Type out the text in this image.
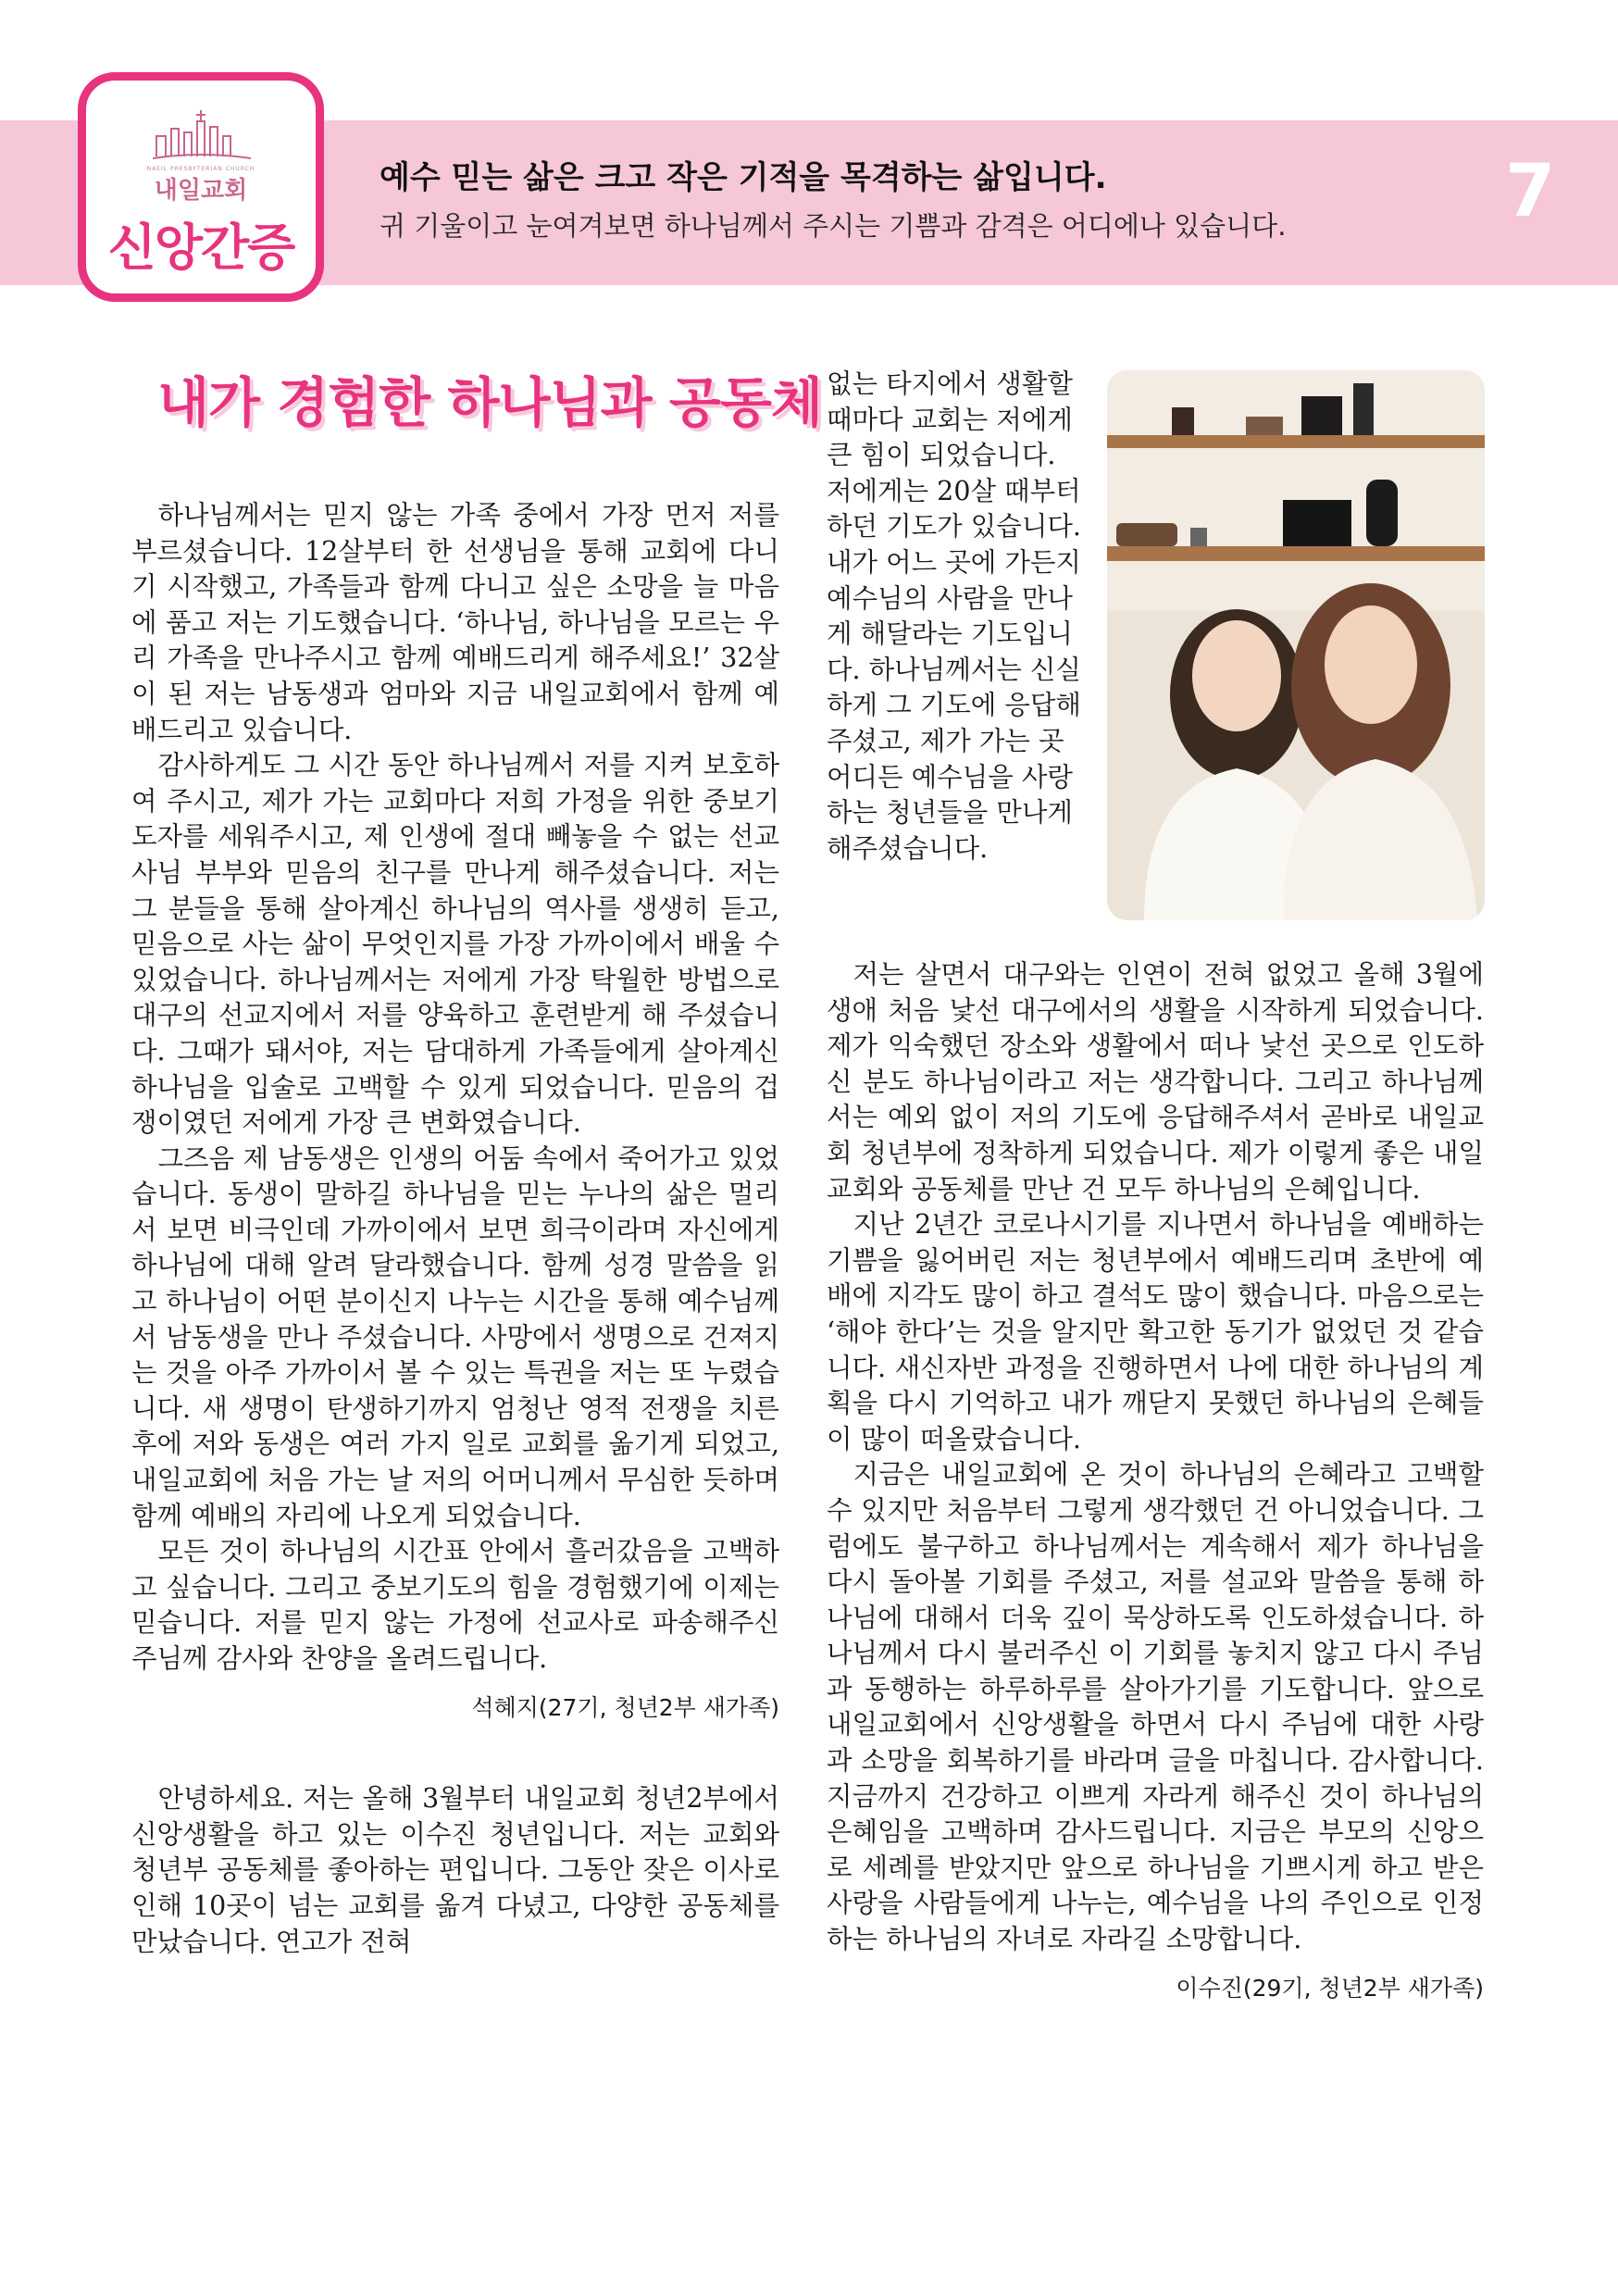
NAEIL PRESBYTERIAN CHURCH
내일교회
신앙간증
예수 믿는 삶은 크고 작은 기적을 목격하는 삶입니다.
귀 기울이고 눈여겨보면 하나님께서 주시는 기쁨과 감격은 어디에나 있습니다.	7
내가 경험한 하나님과 공동체

하나님께서는 믿지 않는 가족 중에서 가장 먼저 저를 부르셨습니다. 12살부터 한 선생님을 통해 교회에 다니기 시작했고, 가족들과 함께 다니고 싶은 소망을 늘 마음에 품고 저는 기도했습니다. ‘하나님, 하나님을 모르는 우리 가족을 만나주시고 함께 예배드리게 해주세요!’ 32살이 된 저는 남동생과 엄마와 지금 내일교회에서 함께 예배드리고 있습니다.

감사하게도 그 시간 동안 하나님께서 저를 지켜 보호하여 주시고, 제가 가는 교회마다 저희 가정을 위한 중보기도자를 세워주시고, 제 인생에 절대 빼놓을 수 없는 선교사님 부부와 믿음의 친구를 만나게 해주셨습니다. 저는 그 분들을 통해 살아계신 하나님의 역사를 생생히 듣고, 믿음으로 사는 삶이 무엇인지를 가장 가까이에서 배울 수 있었습니다. 하나님께서는 저에게 가장 탁월한 방법으로 대구의 선교지에서 저를 양육하고 훈련받게 해 주셨습니다. 그때가 돼서야, 저는 담대하게 가족들에게 살아계신 하나님을 입술로 고백할 수 있게 되었습니다. 믿음의 겁쟁이였던 저에게 가장 큰 변화였습니다.

그즈음 제 남동생은 인생의 어둠 속에서 죽어가고 있었습니다. 동생이 말하길 하나님을 믿는 누나의 삶은 멀리서 보면 비극인데 가까이에서 보면 희극이라며 자신에게 하나님에 대해 알려 달라했습니다. 함께 성경 말씀을 읽고 하나님이 어떤 분이신지 나누는 시간을 통해 예수님께서 남동생을 만나 주셨습니다. 사망에서 생명으로 건져지는 것을 아주 가까이서 볼 수 있는 특권을 저는 또 누렸습니다. 새 생명이 탄생하기까지 엄청난 영적 전쟁을 치른 후에 저와 동생은 여러 가지 일로 교회를 옮기게 되었고, 내일교회에 처음 가는 날 저의 어머니께서 무심한 듯하며 함께 예배의 자리에 나오게 되었습니다.

모든 것이 하나님의 시간표 안에서 흘러갔음을 고백하고 싶습니다. 그리고 중보기도의 힘을 경험했기에 이제는 믿습니다. 저를 믿지 않는 가정에 선교사로 파송해주신 주님께 감사와 찬양을 올려드립니다.

석혜지(27기, 청년2부 새가족)

안녕하세요. 저는 올해 3월부터 내일교회 청년2부에서 신앙생활을 하고 있는 이수진 청년입니다. 저는 교회와 청년부 공동체를 좋아하는 편입니다. 그동안 잦은 이사로 인해 10곳이 넘는 교회를 옮겨 다녔고, 다양한 공동체를 만났습니다. 연고가 전혀

없는 타지에서 생활할 때마다 교회는 저에게 큰 힘이 되었습니다. 저에게는 20살 때부터 하던 기도가 있습니다. 내가 어느 곳에 가든지 예수님의 사람을 만나게 해달라는 기도입니다. 하나님께서는 신실하게 그 기도에 응답해주셨고, 제가 가는 곳 어디든 예수님을 사랑하는 청년들을 만나게 해주셨습니다.

저는 살면서 대구와는 인연이 전혀 없었고 올해 3월에 생애 처음 낯선 대구에서의 생활을 시작하게 되었습니다. 제가 익숙했던 장소와 생활에서 떠나 낯선 곳으로 인도하신 분도 하나님이라고 저는 생각합니다. 그리고 하나님께서는 예외 없이 저의 기도에 응답해주셔서 곧바로 내일교회 청년부에 정착하게 되었습니다. 제가 이렇게 좋은 내일교회와 공동체를 만난 건 모두 하나님의 은혜입니다.

지난 2년간 코로나시기를 지나면서 하나님을 예배하는 기쁨을 잃어버린 저는 청년부에서 예배드리며 초반에 예배에 지각도 많이 하고 결석도 많이 했습니다. 마음으로는 ‘해야 한다’는 것을 알지만 확고한 동기가 없었던 것 같습니다. 새신자반 과정을 진행하면서 나에 대한 하나님의 계획을 다시 기억하고 내가 깨닫지 못했던 하나님의 은혜들이 많이 떠올랐습니다.

지금은 내일교회에 온 것이 하나님의 은혜라고 고백할 수 있지만 처음부터 그렇게 생각했던 건 아니었습니다. 그럼에도 불구하고 하나님께서는 계속해서 제가 하나님을 다시 돌아볼 기회를 주셨고, 저를 설교와 말씀을 통해 하나님에 대해서 더욱 깊이 묵상하도록 인도하셨습니다. 하나님께서 다시 불러주신 이 기회를 놓치지 않고 다시 주님과 동행하는 하루하루를 살아가기를 기도합니다. 앞으로 내일교회에서 신앙생활을 하면서 다시 주님에 대한 사랑과 소망을 회복하기를 바라며 글을 마칩니다. 감사합니다. 지금까지 건강하고 이쁘게 자라게 해주신 것이 하나님의 은혜임을 고백하며 감사드립니다. 지금은 부모의 신앙으로 세례를 받았지만 앞으로 하나님을 기쁘시게 하고 받은 사랑을 사람들에게 나누는, 예수님을 나의 주인으로 인정하는 하나님의 자녀로 자라길 소망합니다.

이수진(29기, 청년2부 새가족)
